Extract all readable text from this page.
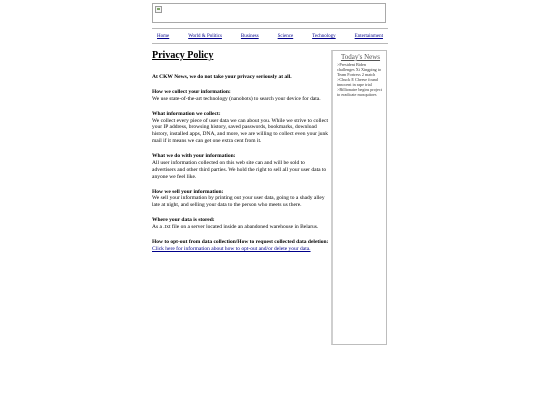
Home	World & Politics	Business	Science	Technology	Entertainment
Privacy Policy

At CKW News, we do not take your privacy seriously at all.

How we collect your information:
We use state-of-the-art technology (nanobots) to search your device for data.
What information we collect:
We collect every piece of user data we can about you. While we strive to collect your IP address, browsing history, saved passwords, bookmarks, download history, installed apps, DNA, and more, we are willing to collect even your junk mail if it means we can get one extra cent from it.
What we do with your information:
All user information collected on this web site can and will be sold to advertisers and other third parties. We hold the right to sell all your user data to anyone we feel like.
How we sell your information:
We sell your information by printing out your user data, going to a shady alley late at night, and selling your data to the person who meets us there.
Where your data is stored:
As a .txt file on a server located inside an abandoned warehouse in Belarus.
How to opt-out from data collection/How to request collected data deletion:
Click here for information about how to opt-out and/or delete your data.
Today's News
>President Biden challenges Xi Xingping to Team Fortress 2 match
>Chuck E Cheese found innocent in rape trial
>Billionaire begins project to eradicate mosquitoes
